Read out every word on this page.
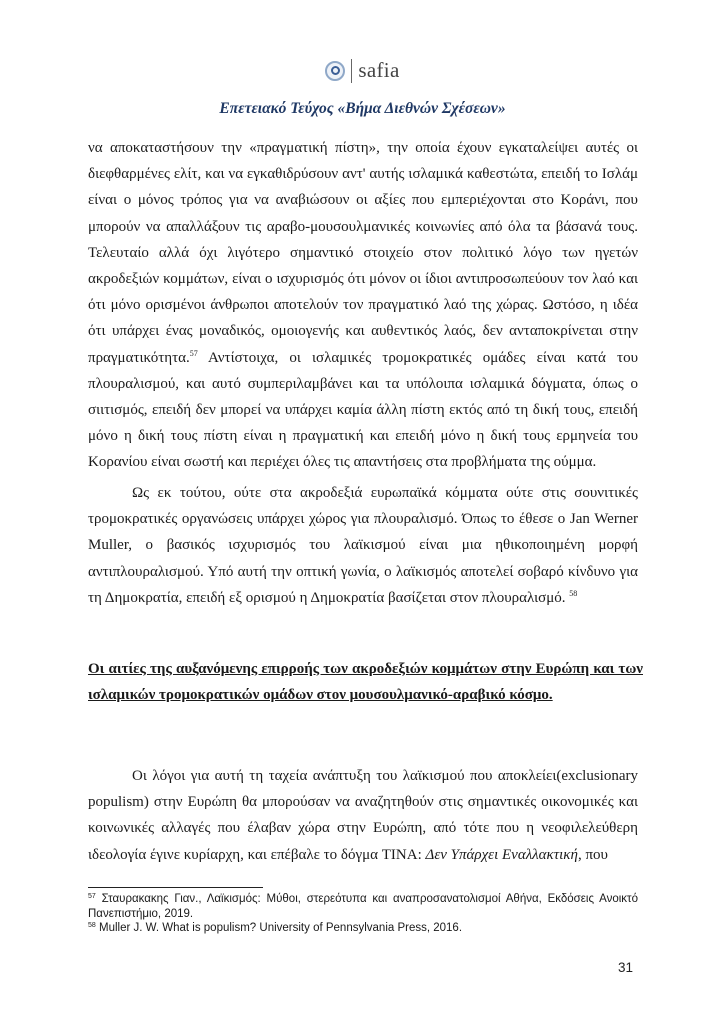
safia
Επετειακό Τεύχος «Βήμα Διεθνών Σχέσεων»
να αποκαταστήσουν την «πραγματική πίστη», την οποία έχουν εγκαταλείψει αυτές οι διεφθαρμένες ελίτ, και να εγκαθιδρύσουν αντ' αυτής ισλαμικά καθεστώτα, επειδή το Ισλάμ είναι ο μόνος τρόπος για να αναβιώσουν οι αξίες που εμπεριέχονται στο Κοράνι, που μπορούν να απαλλάξουν τις αραβο-μουσουλμανικές κοινωνίες από όλα τα βάσανά τους. Τελευταίο αλλά όχι λιγότερο σημαντικό στοιχείο στον πολιτικό λόγο των ηγετών ακροδεξιών κομμάτων, είναι ο ισχυρισμός ότι μόνον οι ίδιοι αντιπροσωπεύουν τον λαό και ότι μόνο ορισμένοι άνθρωποι αποτελούν τον πραγματικό λαό της χώρας. Ωστόσο, η ιδέα ότι υπάρχει ένας μοναδικός, ομοιογενής και αυθεντικός λαός, δεν ανταποκρίνεται στην πραγματικότητα.$^{57}$ Αντίστοιχα, οι ισλαμικές τρομοκρατικές ομάδες είναι κατά του πλουραλισμού, και αυτό συμπεριλαμβάνει και τα υπόλοιπα ισλαμικά δόγματα, όπως ο σιιτισμός, επειδή δεν μπορεί να υπάρχει καμία άλλη πίστη εκτός από τη δική τους, επειδή μόνο η δική τους πίστη είναι η πραγματική και επειδή μόνο η δική τους ερμηνεία του Κορανίου είναι σωστή και περιέχει όλες τις απαντήσεις στα προβλήματα της ούμμα.
Ως εκ τούτου, ούτε στα ακροδεξιά ευρωπαϊκά κόμματα ούτε στις σουνιτικές τρομοκρατικές οργανώσεις υπάρχει χώρος για πλουραλισμό. Όπως το έθεσε ο Jan Werner Muller, ο βασικός ισχυρισμός του λαϊκισμού είναι μια ηθικοποιημένη μορφή αντιπλουραλισμού. Υπό αυτή την οπτική γωνία, ο λαϊκισμός αποτελεί σοβαρό κίνδυνο για τη Δημοκρατία, επειδή εξ ορισμού η Δημοκρατία βασίζεται στον πλουραλισμό. $^{58}$
Οι αιτίες της αυξανόμενης επιρροής των ακροδεξιών κομμάτων στην Ευρώπη και των ισλαμικών τρομοκρατικών ομάδων στον μουσουλμανικό-αραβικό κόσμο.
Οι λόγοι για αυτή τη ταχεία ανάπτυξη του λαϊκισμού που αποκλείει(exclusionary populism) στην Ευρώπη θα μπορούσαν να αναζητηθούν στις σημαντικές οικονομικές και κοινωνικές αλλαγές που έλαβαν χώρα στην Ευρώπη, από τότε που η νεοφιλελεύθερη ιδεολογία έγινε κυρίαρχη, και επέβαλε το δόγμα TINA: Δεν Υπάρχει Εναλλακτική, που
$^{57}$ Σταυρακακης Γιαν., Λαϊκισμός: Μύθοι, στερεότυπα και αναπροσανατολισμοί Αθήνα, Εκδόσεις Ανοικτό Πανεπιστήμιο, 2019.
$^{58}$ Muller J. W. What is populism? University of Pennsylvania Press, 2016.
31
